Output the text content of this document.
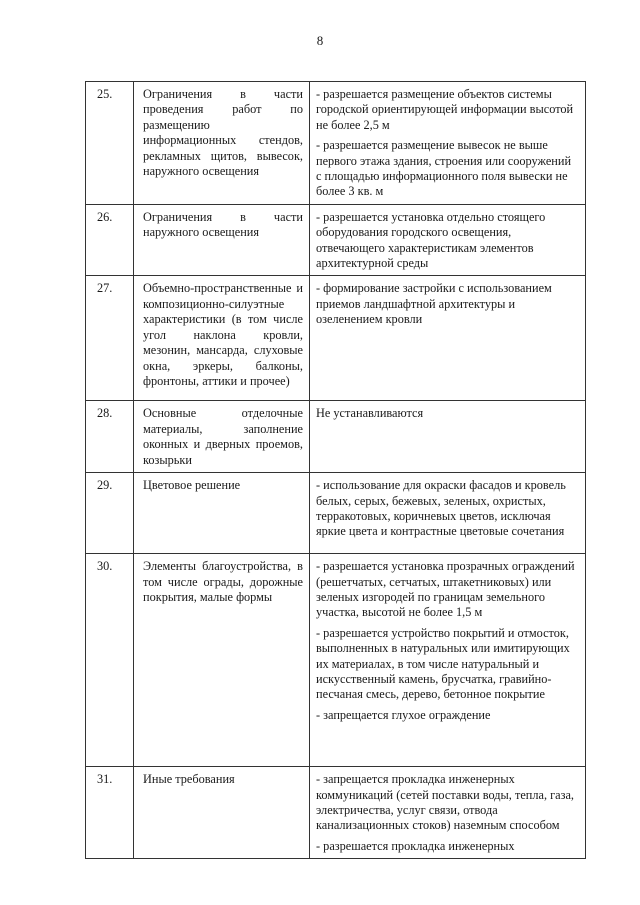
8
25.	Ограничения в части проведения работ по размещению информационных стендов, рекламных щитов, вывесок, наружного освещения	- разрешается размещение объектов системы городской ориентирующей информации высотой не более 2,5 м

- разрешается размещение вывесок не выше первого этажа здания, строения или сооружений с площадью информационного поля вывески не более 3 кв. м

26.	Ограничения в части наружного освещения	- разрешается установка отдельно стоящего оборудования городского освещения, отвечающего характеристикам элементов архитектурной среды

27.	Объемно-пространственные и композиционно-силуэтные характеристики (в том числе угол наклона кровли, мезонин, мансарда, слуховые окна, эркеры, балконы, фронтоны, аттики и прочее)	- формирование застройки с использованием приемов ландшафтной архитектуры и озеленением кровли

28.	Основные отделочные материалы, заполнение оконных и дверных проемов, козырьки	Не устанавливаются

29.	Цветовое решение	- использование для окраски фасадов и кровель белых, серых, бежевых, зеленых, охристых, терракотовых, коричневых цветов, исключая яркие цвета и контрастные цветовые сочетания

30.	Элементы благоустройства, в том числе ограды, дорожные покрытия, малые формы	- разрешается установка прозрачных ограждений (решетчатых, сетчатых, штакетниковых) или зеленых изгородей по границам земельного участка, высотой не более 1,5 м

- разрешается устройство покрытий и отмосток, выполненных в натуральных или имитирующих их материалах, в том числе натуральный и искусственный камень, брусчатка, гравийно-песчаная смесь, дерево, бетонное покрытие

- запрещается глухое ограждение

31.	Иные требования	- запрещается прокладка инженерных коммуникаций (сетей поставки воды, тепла, газа, электричества, услуг связи, отвода канализационных стоков) наземным способом

- разрешается прокладка инженерных
